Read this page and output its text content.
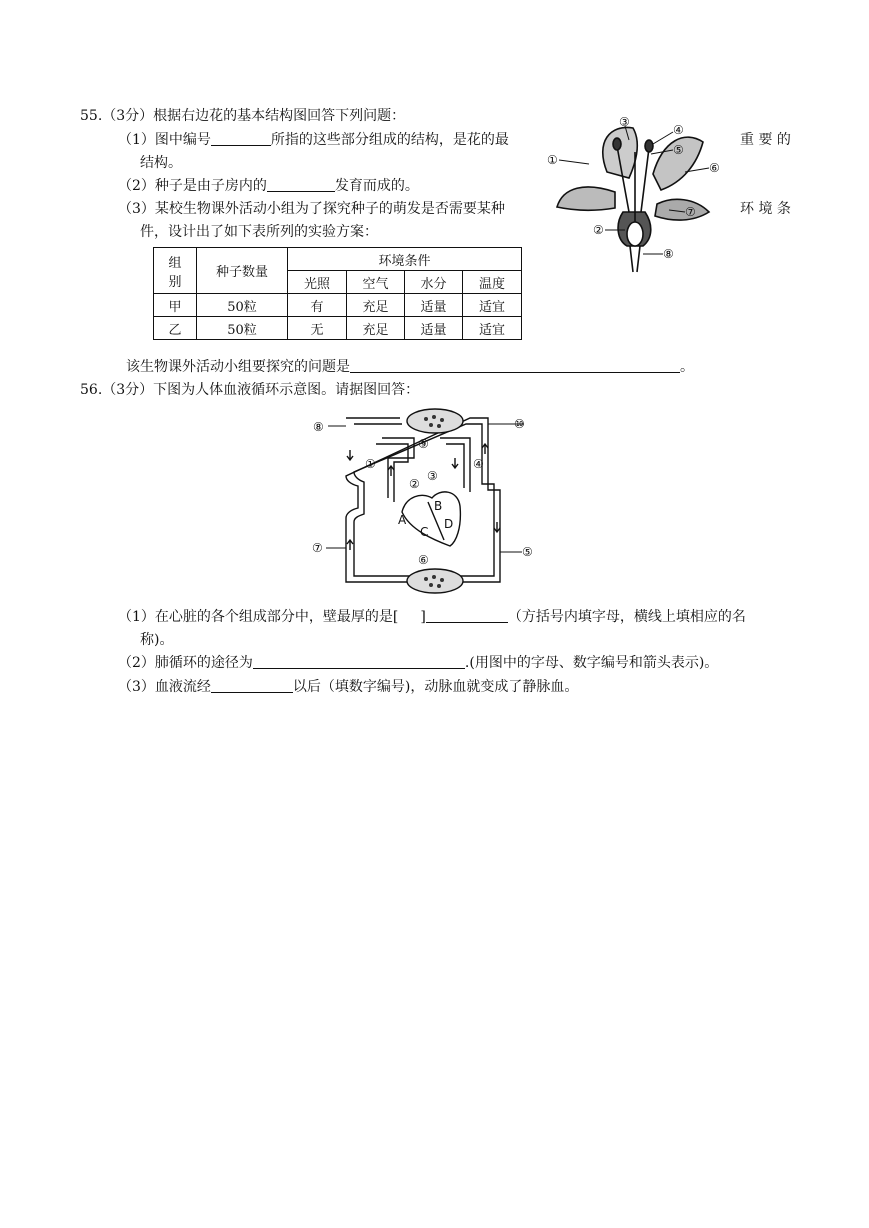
55.（3分）根据右边花的基本结构图回答下列问题：
（1）图中编号	所指的这些部分组成的结构，是花的最	重 要 的
结构。
（2）种子是由子房内的	发育而成的。
（3）某校生物课外活动小组为了探究种子的萌发是否需要某种	环 境 条
件，设计出了如下表所列的实验方案：
组
别	种子数量	环境条件			
		光照	空气	水分	温度
甲	50粒	有	充足	适量	适宜
乙	50粒	无	充足	适量	适宜
该生物课外活动小组要探究的问题是	。
①
②
③
④
⑤
⑥
⑦
⑧
56.（3分）下图为人体血液循环示意图。请据图回答：
⑧	⑩
⑨
①	④
②
③
B
A
C
D
⑦	⑤
⑥
（1）在心脏的各个组成部分中，壁最厚的是[ ]	（方括号内填字母，横线上填相应的名
称)。
（2）肺循环的途径为	.(用图中的字母、数字编号和箭头表示)。
（3）血液流经	以后（填数字编号)，动脉血就变成了静脉血。
